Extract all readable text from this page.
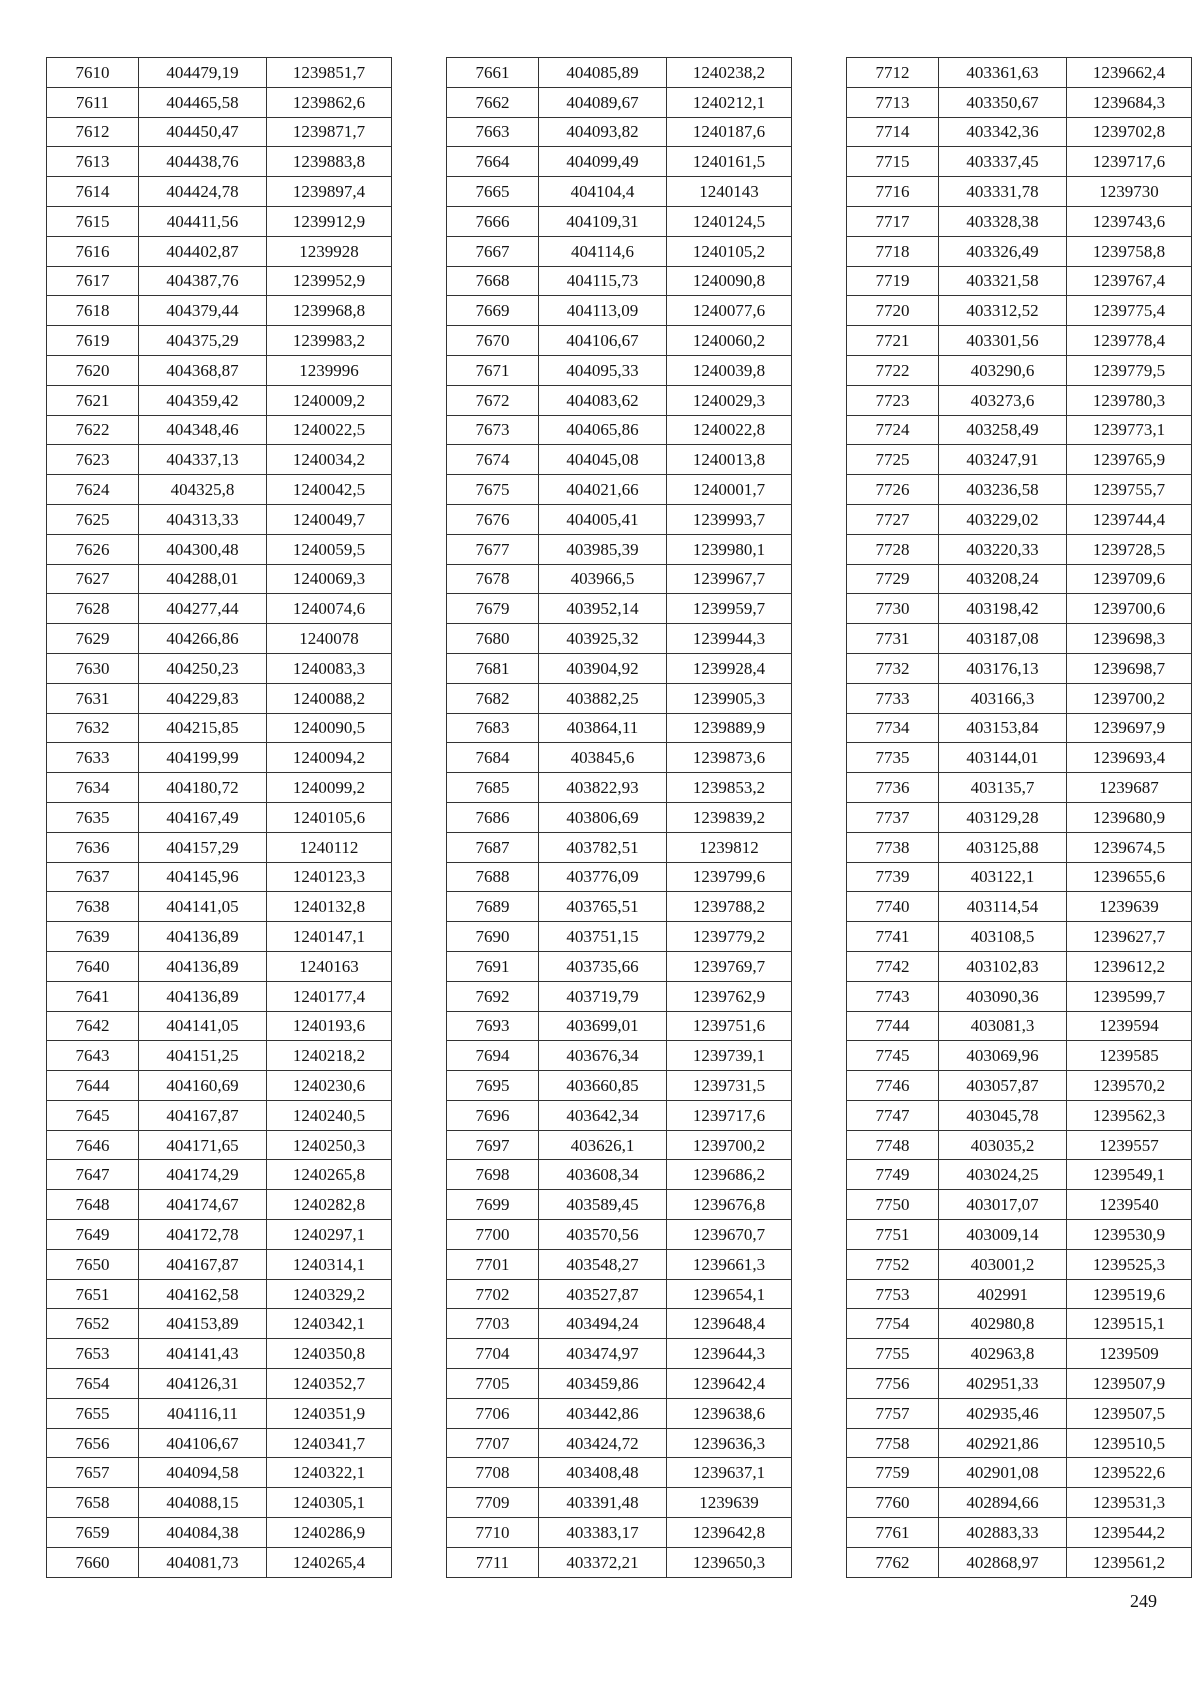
7610	404479,19	1239851,7
7611	404465,58	1239862,6
7612	404450,47	1239871,7
7613	404438,76	1239883,8
7614	404424,78	1239897,4
7615	404411,56	1239912,9
7616	404402,87	1239928
7617	404387,76	1239952,9
7618	404379,44	1239968,8
7619	404375,29	1239983,2
7620	404368,87	1239996
7621	404359,42	1240009,2
7622	404348,46	1240022,5
7623	404337,13	1240034,2
7624	404325,8	1240042,5
7625	404313,33	1240049,7
7626	404300,48	1240059,5
7627	404288,01	1240069,3
7628	404277,44	1240074,6
7629	404266,86	1240078
7630	404250,23	1240083,3
7631	404229,83	1240088,2
7632	404215,85	1240090,5
7633	404199,99	1240094,2
7634	404180,72	1240099,2
7635	404167,49	1240105,6
7636	404157,29	1240112
7637	404145,96	1240123,3
7638	404141,05	1240132,8
7639	404136,89	1240147,1
7640	404136,89	1240163
7641	404136,89	1240177,4
7642	404141,05	1240193,6
7643	404151,25	1240218,2
7644	404160,69	1240230,6
7645	404167,87	1240240,5
7646	404171,65	1240250,3
7647	404174,29	1240265,8
7648	404174,67	1240282,8
7649	404172,78	1240297,1
7650	404167,87	1240314,1
7651	404162,58	1240329,2
7652	404153,89	1240342,1
7653	404141,43	1240350,8
7654	404126,31	1240352,7
7655	404116,11	1240351,9
7656	404106,67	1240341,7
7657	404094,58	1240322,1
7658	404088,15	1240305,1
7659	404084,38	1240286,9
7660	404081,73	1240265,4
7661	404085,89	1240238,2
7662	404089,67	1240212,1
7663	404093,82	1240187,6
7664	404099,49	1240161,5
7665	404104,4	1240143
7666	404109,31	1240124,5
7667	404114,6	1240105,2
7668	404115,73	1240090,8
7669	404113,09	1240077,6
7670	404106,67	1240060,2
7671	404095,33	1240039,8
7672	404083,62	1240029,3
7673	404065,86	1240022,8
7674	404045,08	1240013,8
7675	404021,66	1240001,7
7676	404005,41	1239993,7
7677	403985,39	1239980,1
7678	403966,5	1239967,7
7679	403952,14	1239959,7
7680	403925,32	1239944,3
7681	403904,92	1239928,4
7682	403882,25	1239905,3
7683	403864,11	1239889,9
7684	403845,6	1239873,6
7685	403822,93	1239853,2
7686	403806,69	1239839,2
7687	403782,51	1239812
7688	403776,09	1239799,6
7689	403765,51	1239788,2
7690	403751,15	1239779,2
7691	403735,66	1239769,7
7692	403719,79	1239762,9
7693	403699,01	1239751,6
7694	403676,34	1239739,1
7695	403660,85	1239731,5
7696	403642,34	1239717,6
7697	403626,1	1239700,2
7698	403608,34	1239686,2
7699	403589,45	1239676,8
7700	403570,56	1239670,7
7701	403548,27	1239661,3
7702	403527,87	1239654,1
7703	403494,24	1239648,4
7704	403474,97	1239644,3
7705	403459,86	1239642,4
7706	403442,86	1239638,6
7707	403424,72	1239636,3
7708	403408,48	1239637,1
7709	403391,48	1239639
7710	403383,17	1239642,8
7711	403372,21	1239650,3
7712	403361,63	1239662,4
7713	403350,67	1239684,3
7714	403342,36	1239702,8
7715	403337,45	1239717,6
7716	403331,78	1239730
7717	403328,38	1239743,6
7718	403326,49	1239758,8
7719	403321,58	1239767,4
7720	403312,52	1239775,4
7721	403301,56	1239778,4
7722	403290,6	1239779,5
7723	403273,6	1239780,3
7724	403258,49	1239773,1
7725	403247,91	1239765,9
7726	403236,58	1239755,7
7727	403229,02	1239744,4
7728	403220,33	1239728,5
7729	403208,24	1239709,6
7730	403198,42	1239700,6
7731	403187,08	1239698,3
7732	403176,13	1239698,7
7733	403166,3	1239700,2
7734	403153,84	1239697,9
7735	403144,01	1239693,4
7736	403135,7	1239687
7737	403129,28	1239680,9
7738	403125,88	1239674,5
7739	403122,1	1239655,6
7740	403114,54	1239639
7741	403108,5	1239627,7
7742	403102,83	1239612,2
7743	403090,36	1239599,7
7744	403081,3	1239594
7745	403069,96	1239585
7746	403057,87	1239570,2
7747	403045,78	1239562,3
7748	403035,2	1239557
7749	403024,25	1239549,1
7750	403017,07	1239540
7751	403009,14	1239530,9
7752	403001,2	1239525,3
7753	402991	1239519,6
7754	402980,8	1239515,1
7755	402963,8	1239509
7756	402951,33	1239507,9
7757	402935,46	1239507,5
7758	402921,86	1239510,5
7759	402901,08	1239522,6
7760	402894,66	1239531,3
7761	402883,33	1239544,2
7762	402868,97	1239561,2
249
